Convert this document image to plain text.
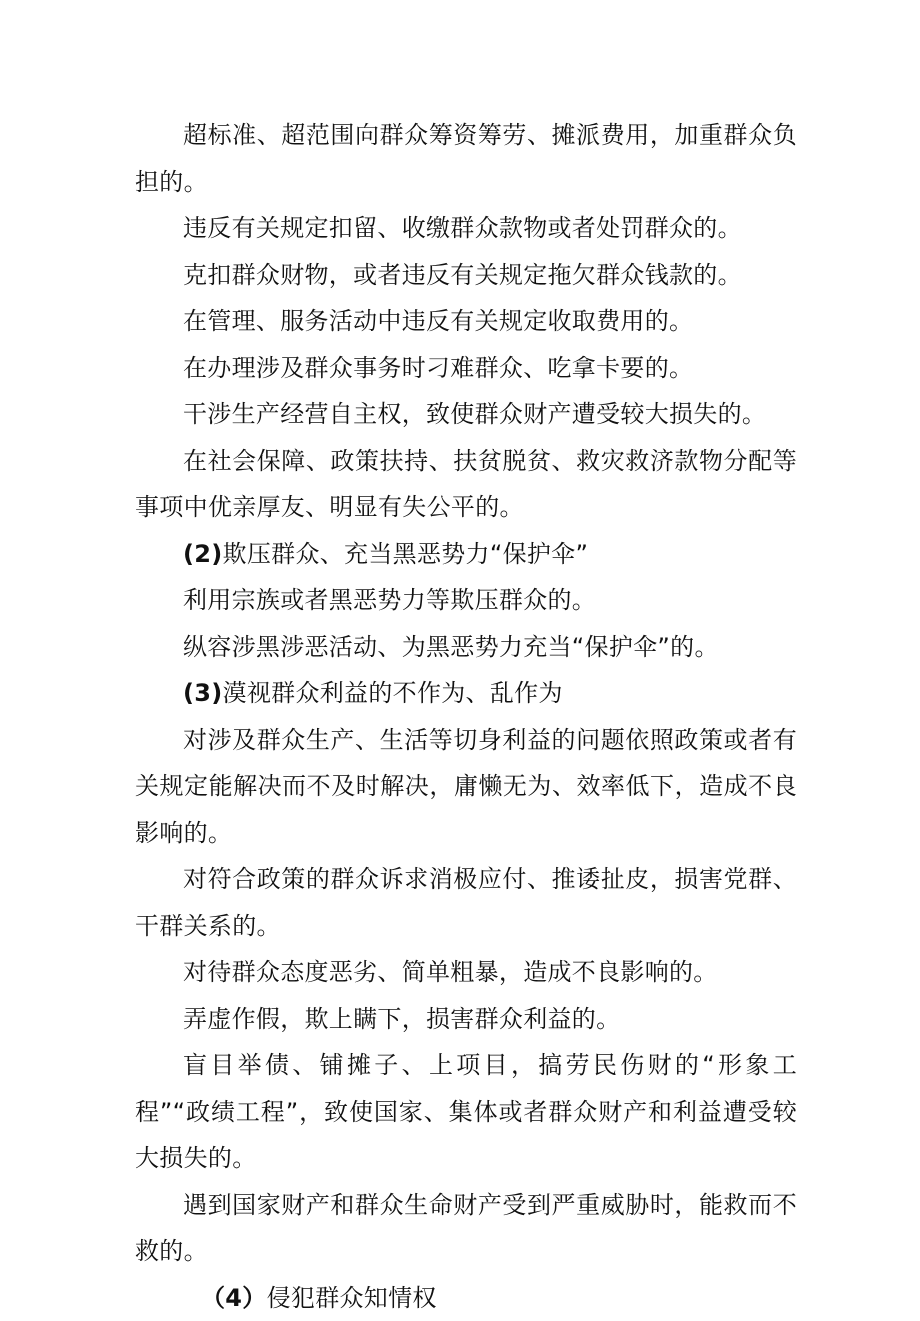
超标准、超范围向群众筹资筹劳、摊派费用，加重群众负担的。

违反有关规定扣留、收缴群众款物或者处罚群众的。

克扣群众财物，或者违反有关规定拖欠群众钱款的。

在管理、服务活动中违反有关规定收取费用的。

在办理涉及群众事务时刁难群众、吃拿卡要的。

干涉生产经营自主权，致使群众财产遭受较大损失的。

在社会保障、政策扶持、扶贫脱贫、救灾救济款物分配等事项中优亲厚友、明显有失公平的。

(2)欺压群众、充当黑恶势力“保护伞”

利用宗族或者黑恶势力等欺压群众的。

纵容涉黑涉恶活动、为黑恶势力充当“保护伞”的。

(3)漠视群众利益的不作为、乱作为

对涉及群众生产、生活等切身利益的问题依照政策或者有关规定能解决而不及时解决，庸懒无为、效率低下，造成不良影响的。

对符合政策的群众诉求消极应付、推诿扯皮，损害党群、干群关系的。

对待群众态度恶劣、简单粗暴，造成不良影响的。

弄虚作假，欺上瞒下，损害群众利益的。

盲目举债、铺摊子、上项目，搞劳民伤财的“形象工程”“政绩工程”，致使国家、集体或者群众财产和利益遭受较大损失的。

遇到国家财产和群众生命财产受到严重威胁时，能救而不救的。

（4）侵犯群众知情权
